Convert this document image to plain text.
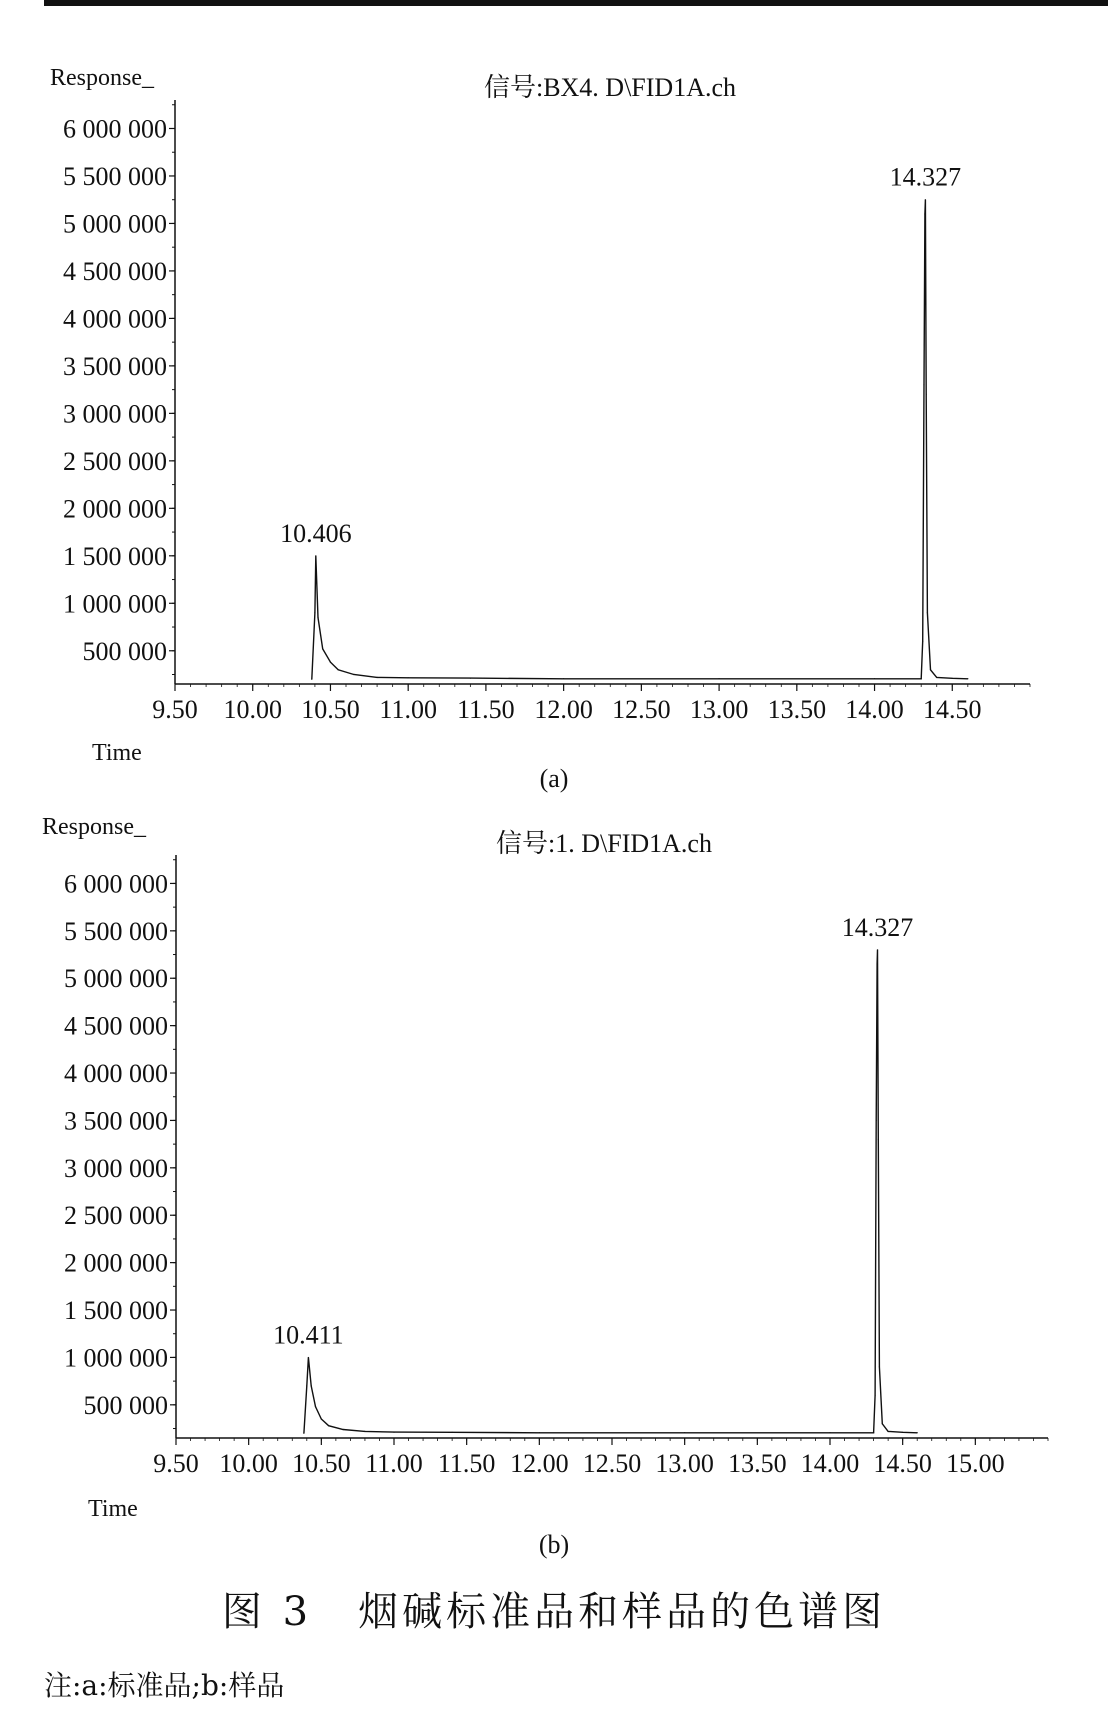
Response_	信号:BX4. D\FID1A.ch
500 000
1 000 000
1 500 000
2 000 000
2 500 000
3 000 000
3 500 000
4 000 000
4 500 000
5 000 000
5 500 000
6 000 000
9.50 10.00 10.50 11.00 11.50 12.00 12.50 13.00 13.50 14.00 14.50
Time
10.406
14.327
(a)
Response_
信号:1. D\FID1A.ch
500 000
1 000 000
1 500 000
2 000 000
2 500 000
3 000 000
3 500 000
4 000 000
4 500 000
5 000 000
5 500 000
6 000 000
9.50 10.00 10.50 11.00 11.50 12.00 12.50 13.00 13.50 14.00 14.50 15.00
Time
10.411
14.327
(b)
图 3 烟碱标准品和样品的色谱图
注:a:标准品;b:样品
